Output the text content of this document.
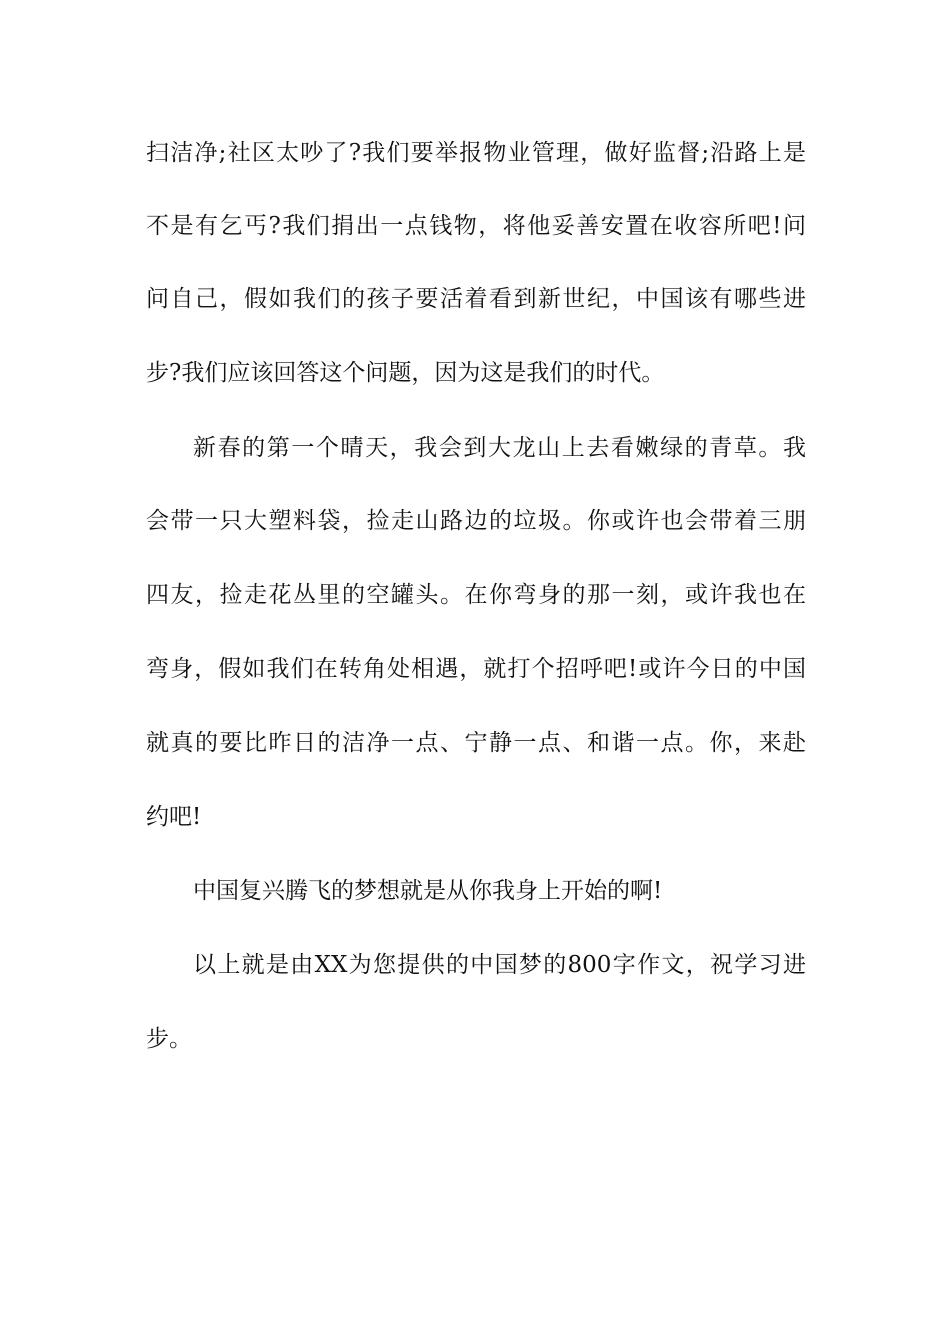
扫洁净;社区太吵了?我们要举报物业管理，做好监督;沿路上是
不是有乞丐?我们捐出一点钱物，将他妥善安置在收容所吧!问
问自己，假如我们的孩子要活着看到新世纪，中国该有哪些进
步?我们应该回答这个问题，因为这是我们的时代。
新春的第一个晴天，我会到大龙山上去看嫩绿的青草。我
会带一只大塑料袋，捡走山路边的垃圾。你或许也会带着三朋
四友，捡走花丛里的空罐头。在你弯身的那一刻，或许我也在
弯身，假如我们在转角处相遇，就打个招呼吧!或许今日的中国
就真的要比昨日的洁净一点、宁静一点、和谐一点。你，来赴
约吧!
中国复兴腾飞的梦想就是从你我身上开始的啊!
以上就是由XX为您提供的中国梦的800字作文，祝学习进
步。
